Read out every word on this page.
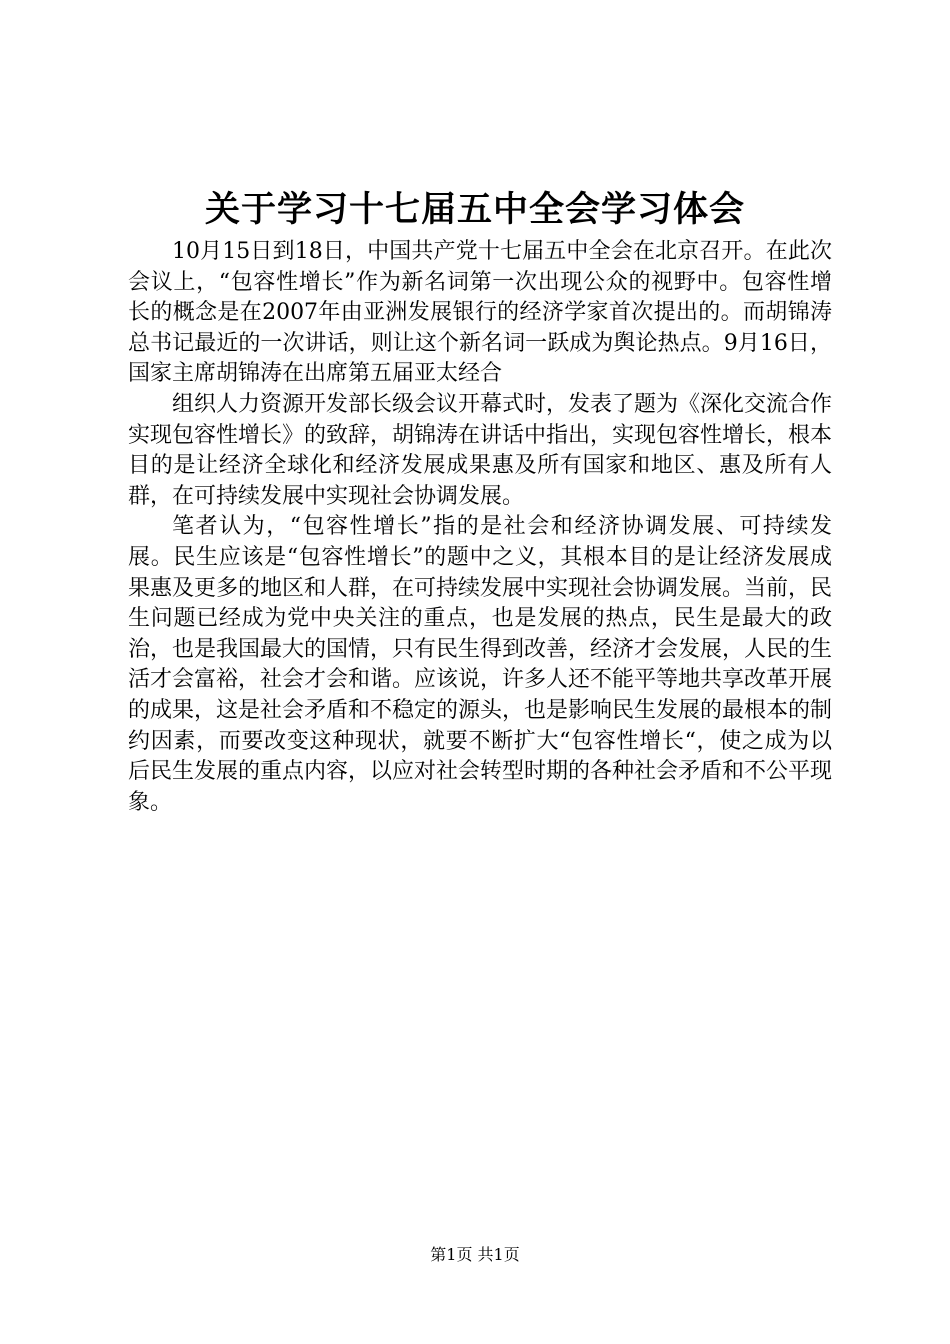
关于学习十七届五中全会学习体会

10月15日到18日，中国共产党十七届五中全会在北京召开。在此次会议上，“包容性增长”作为新名词第一次出现公众的视野中。包容性增长的概念是在2007年由亚洲发展银行的经济学家首次提出的。而胡锦涛总书记最近的一次讲话，则让这个新名词一跃成为舆论热点。9月16日，国家主席胡锦涛在出席第五届亚太经合

组织人力资源开发部长级会议开幕式时，发表了题为《深化交流合作实现包容性增长》的致辞，胡锦涛在讲话中指出，实现包容性增长，根本目的是让经济全球化和经济发展成果惠及所有国家和地区、惠及所有人群，在可持续发展中实现社会协调发展。

笔者认为，“包容性增长”指的是社会和经济协调发展、可持续发展。民生应该是“包容性增长”的题中之义，其根本目的是让经济发展成果惠及更多的地区和人群，在可持续发展中实现社会协调发展。当前，民生问题已经成为党中央关注的重点，也是发展的热点，民生是最大的政治，也是我国最大的国情，只有民生得到改善，经济才会发展，人民的生活才会富裕，社会才会和谐。应该说，许多人还不能平等地共享改革开展的成果，这是社会矛盾和不稳定的源头，也是影响民生发展的最根本的制约因素，而要改变这种现状，就要不断扩大“包容性增长“，使之成为以后民生发展的重点内容，以应对社会转型时期的各种社会矛盾和不公平现象。

第1页 共1页
